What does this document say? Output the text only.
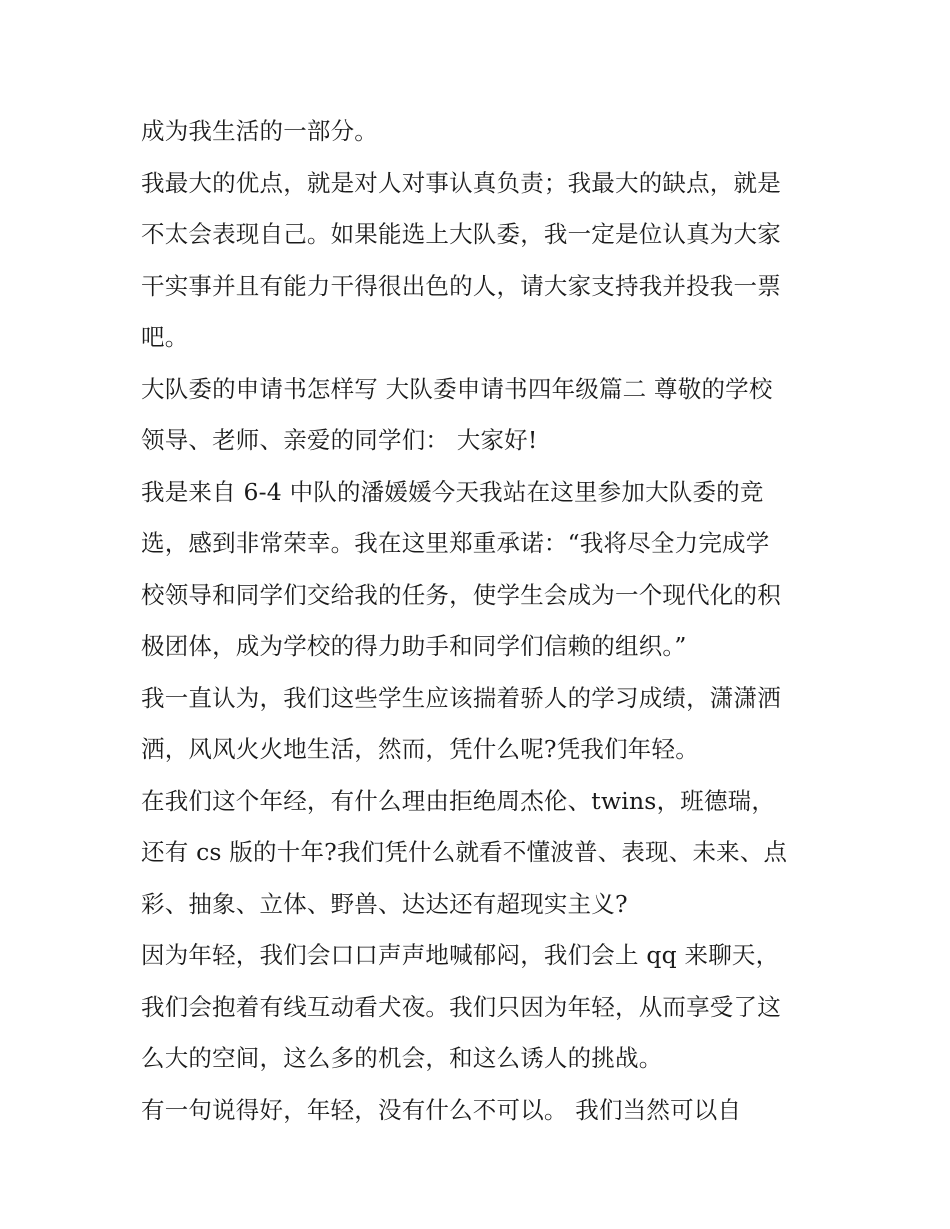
成为我生活的一部分。
我最大的优点，就是对人对事认真负责；我最大的缺点，就是
不太会表现自己。如果能选上大队委，我一定是位认真为大家
干实事并且有能力干得很出色的人，请大家支持我并投我一票
吧。
大队委的申请书怎样写 大队委申请书四年级篇二 尊敬的学校
领导、老师、亲爱的同学们： 大家好!
我是来自 6-4 中队的潘媛媛今天我站在这里参加大队委的竞
选，感到非常荣幸。我在这里郑重承诺：“我将尽全力完成学
校领导和同学们交给我的任务，使学生会成为一个现代化的积
极团体，成为学校的得力助手和同学们信赖的组织。”
我一直认为，我们这些学生应该揣着骄人的学习成绩，潇潇洒
洒，风风火火地生活，然而，凭什么呢?凭我们年轻。
在我们这个年经，有什么理由拒绝周杰伦、twins，班德瑞，
还有 cs 版的十年?我们凭什么就看不懂波普、表现、未来、点
彩、抽象、立体、野兽、达达还有超现实主义?
因为年轻，我们会口口声声地喊郁闷，我们会上 qq 来聊天，
我们会抱着有线互动看犬夜。我们只因为年轻，从而享受了这
么大的空间，这么多的机会，和这么诱人的挑战。
有一句说得好，年轻，没有什么不可以。 我们当然可以自
